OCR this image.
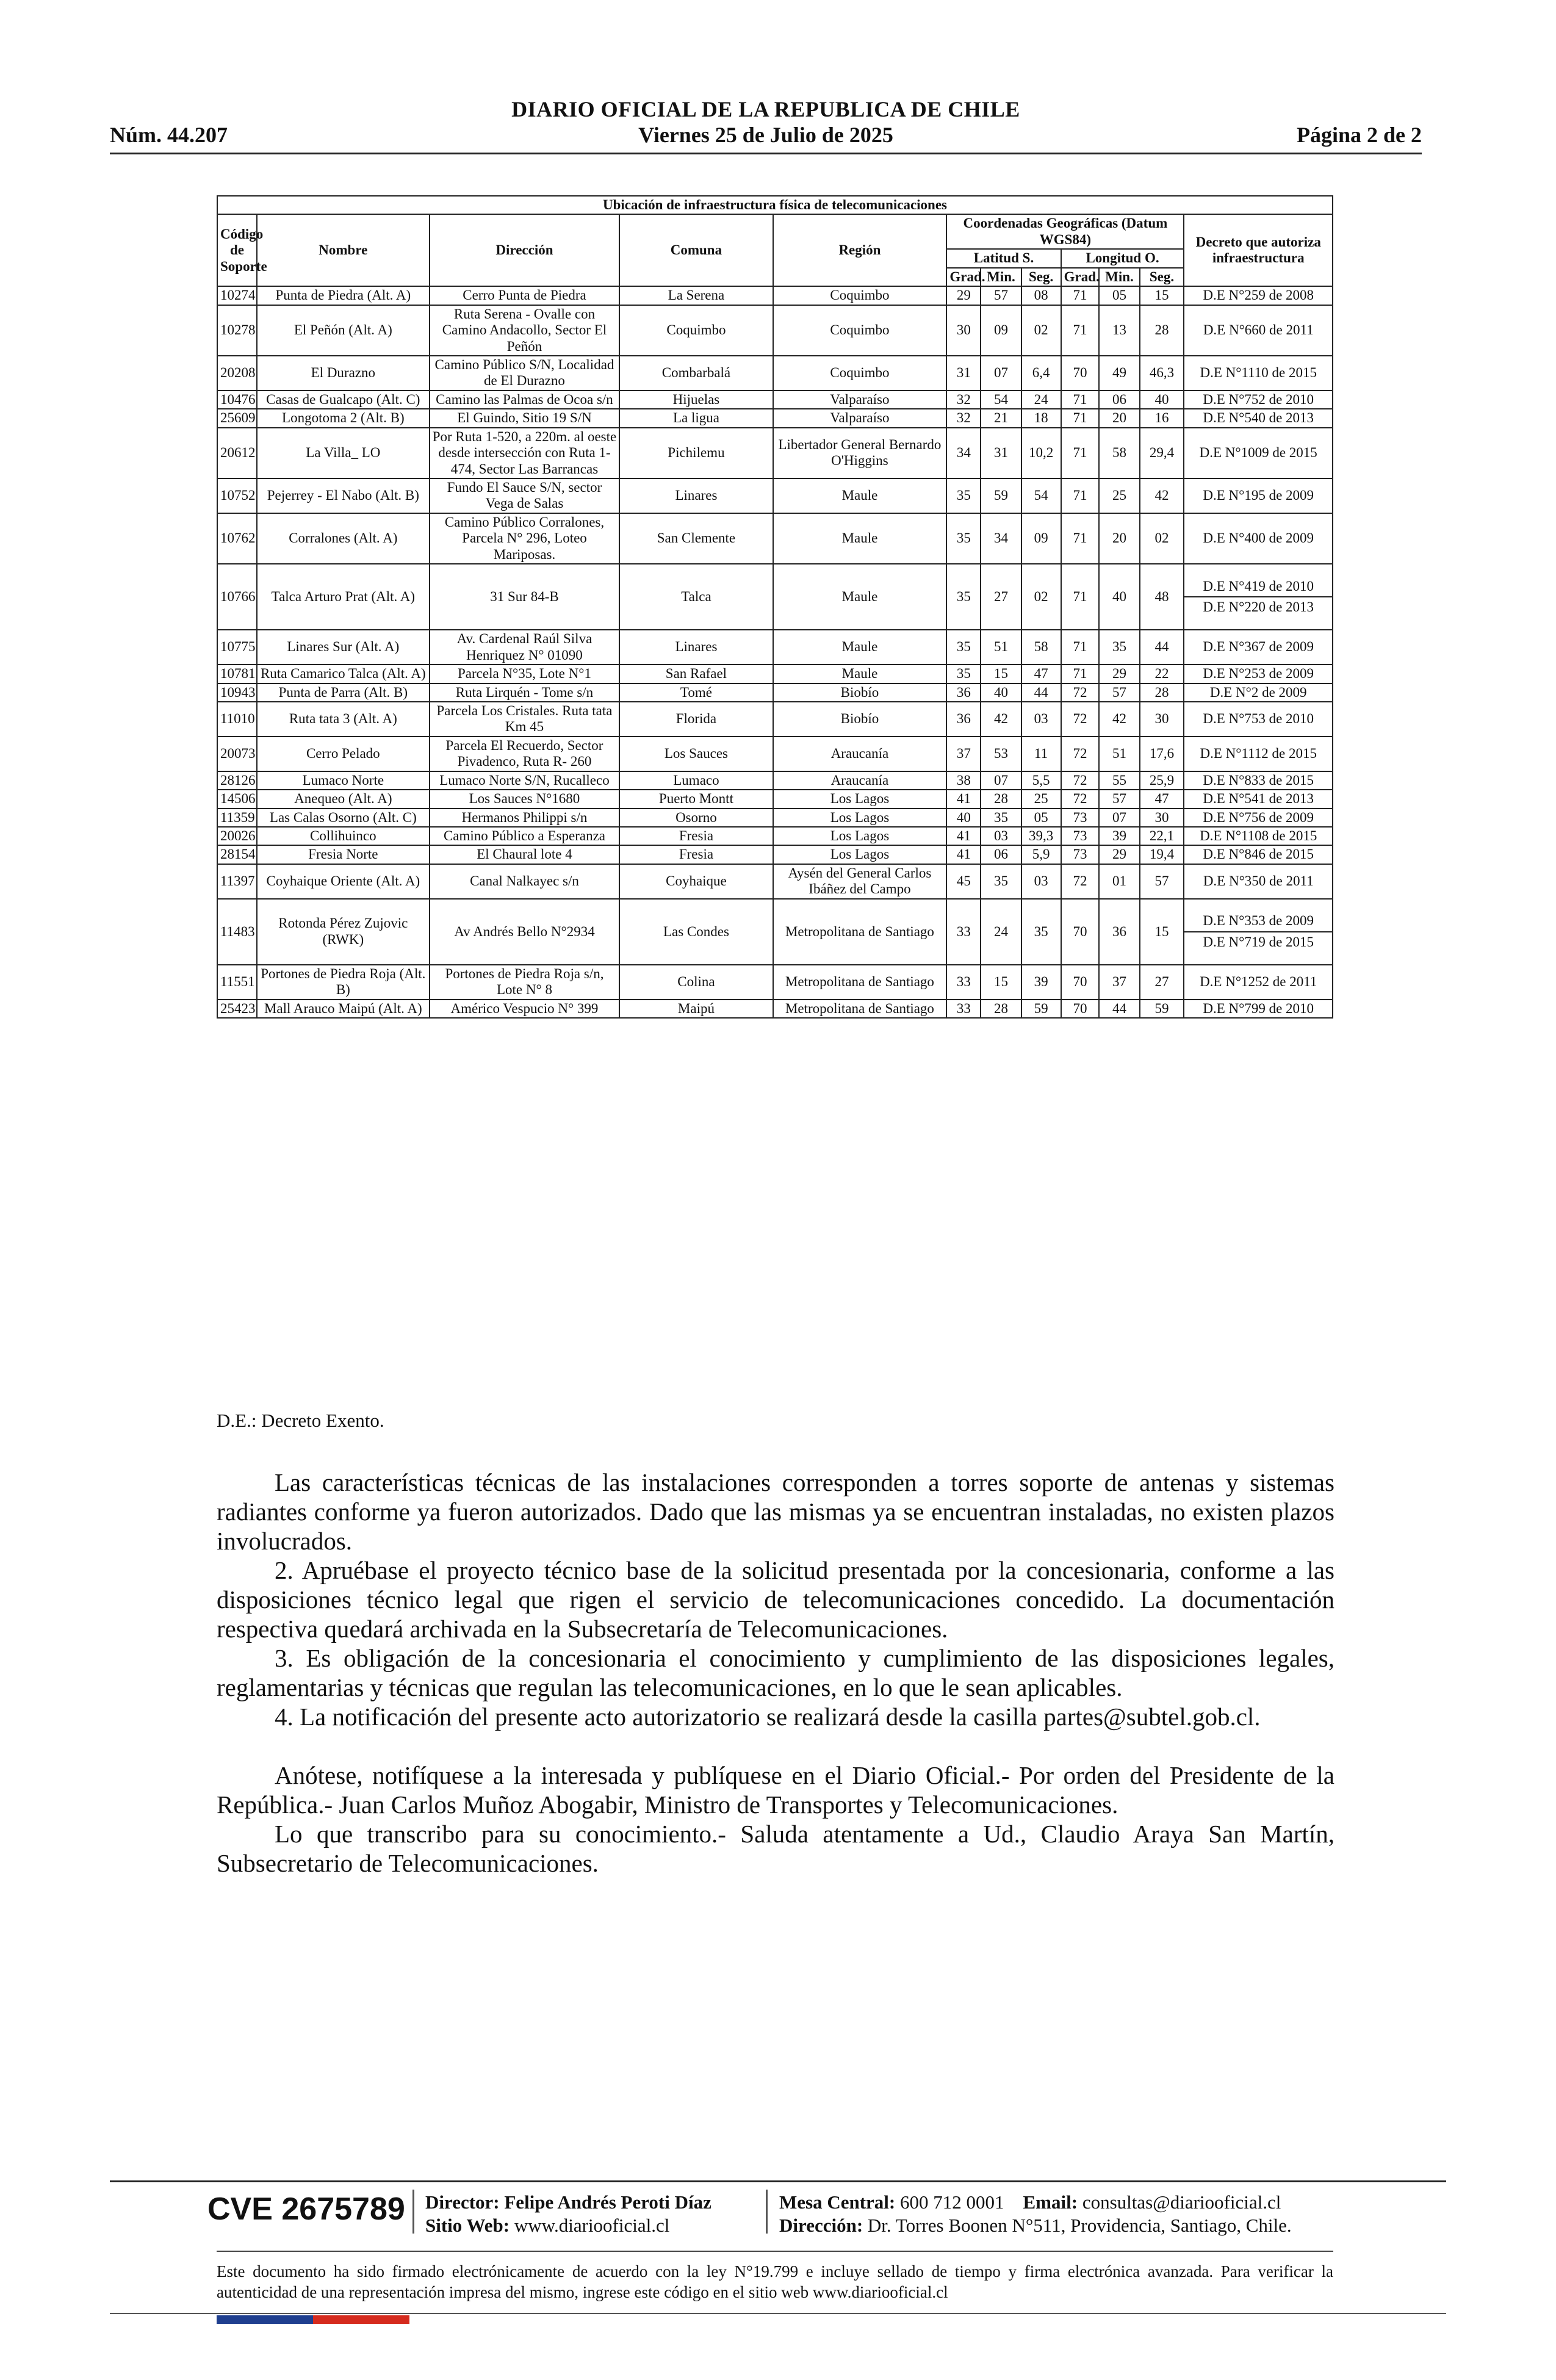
DIARIO OFICIAL DE LA REPUBLICA DE CHILE
Núm. 44.207	Viernes 25 de Julio de 2025	Página 2 de 2
Ubicación de infraestructura física de telecomunicaciones											
Código de Soporte	Nombre	Dirección	Comuna	Región	Coordenadas Geográficas (Datum WGS84)						Decreto que autoriza infraestructura
					Latitud S.			Longitud O.			
					Grad.	Min.	Seg.	Grad.	Min.	Seg.	
10274	Punta de Piedra (Alt. A)	Cerro Punta de Piedra	La Serena	Coquimbo	29	57	08	71	05	15	D.E N°259 de 2008
10278	El Peñón (Alt. A)	Ruta Serena - Ovalle con Camino Andacollo, Sector El Peñón	Coquimbo	Coquimbo	30	09	02	71	13	28	D.E N°660 de 2011
20208	El Durazno	Camino Público S/N, Localidad de El Durazno	Combarbalá	Coquimbo	31	07	6,4	70	49	46,3	D.E N°1110 de 2015
10476	Casas de Gualcapo (Alt. C)	Camino las Palmas de Ocoa s/n	Hijuelas	Valparaíso	32	54	24	71	06	40	D.E N°752 de 2010
25609	Longotoma 2 (Alt. B)	El Guindo, Sitio 19 S/N	La ligua	Valparaíso	32	21	18	71	20	16	D.E N°540 de 2013
20612	La Villa_ LO	Por Ruta 1-520, a 220m. al oeste desde intersección con Ruta 1-474, Sector Las Barrancas	Pichilemu	Libertador General Bernardo O'Higgins	34	31	10,2	71	58	29,4	D.E N°1009 de 2015
10752	Pejerrey - El Nabo (Alt. B)	Fundo El Sauce S/N, sector Vega de Salas	Linares	Maule	35	59	54	71	25	42	D.E N°195 de 2009
10762	Corralones (Alt. A)	Camino Público Corralones, Parcela N° 296, Loteo Mariposas.	San Clemente	Maule	35	34	09	71	20	02	D.E N°400 de 2009
10766	Talca Arturo Prat (Alt. A)	31 Sur 84-B	Talca	Maule	35	27	02	71	40	48	D.E N°419 de 2010
D.E N°220 de 2013

10775	Linares Sur (Alt. A)	Av. Cardenal Raúl Silva Henriquez N° 01090	Linares	Maule	35	51	58	71	35	44	D.E N°367 de 2009
10781	Ruta Camarico Talca (Alt. A)	Parcela N°35, Lote N°1	San Rafael	Maule	35	15	47	71	29	22	D.E N°253 de 2009
10943	Punta de Parra (Alt. B)	Ruta Lirquén - Tome s/n	Tomé	Biobío	36	40	44	72	57	28	D.E N°2 de 2009
11010	Ruta tata 3 (Alt. A)	Parcela Los Cristales. Ruta tata Km 45	Florida	Biobío	36	42	03	72	42	30	D.E N°753 de 2010
20073	Cerro Pelado	Parcela El Recuerdo, Sector Pivadenco, Ruta R- 260	Los Sauces	Araucanía	37	53	11	72	51	17,6	D.E N°1112 de 2015
28126	Lumaco Norte	Lumaco Norte S/N, Rucalleco	Lumaco	Araucanía	38	07	5,5	72	55	25,9	D.E N°833 de 2015
14506	Anequeo (Alt. A)	Los Sauces N°1680	Puerto Montt	Los Lagos	41	28	25	72	57	47	D.E N°541 de 2013
11359	Las Calas Osorno (Alt. C)	Hermanos Philippi s/n	Osorno	Los Lagos	40	35	05	73	07	30	D.E N°756 de 2009
20026	Collihuinco	Camino Público a Esperanza	Fresia	Los Lagos	41	03	39,3	73	39	22,1	D.E N°1108 de 2015
28154	Fresia Norte	El Chaural lote 4	Fresia	Los Lagos	41	06	5,9	73	29	19,4	D.E N°846 de 2015
11397	Coyhaique Oriente (Alt. A)	Canal Nalkayec s/n	Coyhaique	Aysén del General Carlos Ibáñez del Campo	45	35	03	72	01	57	D.E N°350 de 2011
11483	Rotonda Pérez Zujovic (RWK)	Av Andrés Bello N°2934	Las Condes	Metropolitana de Santiago	33	24	35	70	36	15	D.E N°353 de 2009
D.E N°719 de 2015

11551	Portones de Piedra Roja (Alt. B)	Portones de Piedra Roja s/n, Lote N° 8	Colina	Metropolitana de Santiago	33	15	39	70	37	27	D.E N°1252 de 2011
25423	Mall Arauco Maipú (Alt. A)	Américo Vespucio N° 399	Maipú	Metropolitana de Santiago	33	28	59	70	44	59	D.E N°799 de 2010
D.E.: Decreto Exento.

Las características técnicas de las instalaciones corresponden a torres soporte de antenas y sistemas radiantes conforme ya fueron autorizados. Dado que las mismas ya se encuentran instaladas, no existen plazos involucrados.

2. Apruébase el proyecto técnico base de la solicitud presentada por la concesionaria, conforme a las disposiciones técnico legal que rigen el servicio de telecomunicaciones concedido. La documentación respectiva quedará archivada en la Subsecretaría de Telecomunicaciones.

3. Es obligación de la concesionaria el conocimiento y cumplimiento de las disposiciones legales, reglamentarias y técnicas que regulan las telecomunicaciones, en lo que le sean aplicables.

4. La notificación del presente acto autorizatorio se realizará desde la casilla partes@subtel.gob.cl.

Anótese, notifíquese a la interesada y publíquese en el Diario Oficial.- Por orden del Presidente de la República.- Juan Carlos Muñoz Abogabir, Ministro de Transportes y Telecomunicaciones.

Lo que transcribo para su conocimiento.- Saluda atentamente a Ud., Claudio Araya San Martín, Subsecretario de Telecomunicaciones.

CVE 2675789 Director: Felipe Andrés Peroti Díaz
Sitio Web: www.diariooficial.cl
Mesa Central: 600 712 0001 Email: consultas@diariooficial.cl
Dirección: Dr. Torres Boonen N°511, Providencia, Santiago, Chile.
Este documento ha sido firmado electrónicamente de acuerdo con la ley N°19.799 e incluye sellado de tiempo y firma electrónica avanzada. Para verificar la autenticidad de una representación impresa del mismo, ingrese este código en el sitio web www.diariooficial.cl
